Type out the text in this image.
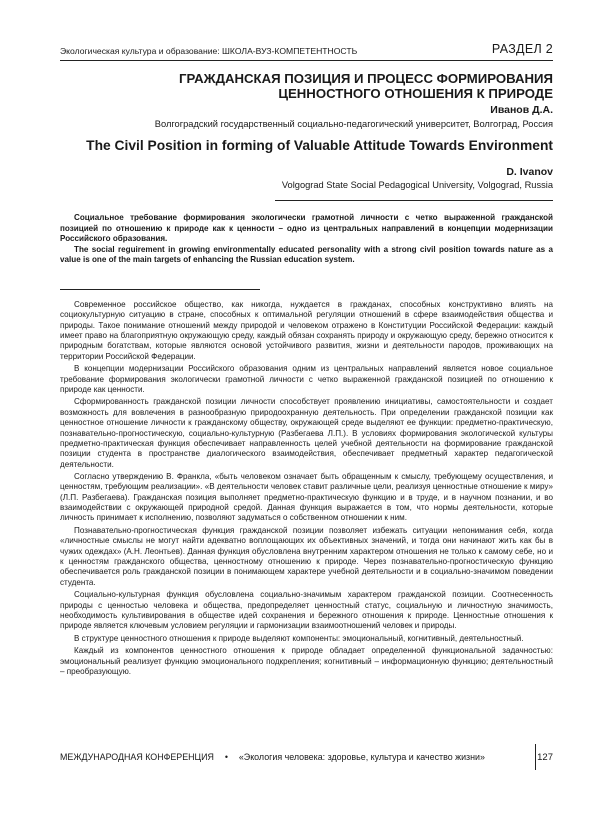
Экологическая культура и образование: ШКОЛА-ВУЗ-КОМПЕТЕНТНОСТЬ	РАЗДЕЛ 2
ГРАЖДАНСКАЯ ПОЗИЦИЯ И ПРОЦЕСС ФОРМИРОВАНИЯ
ЦЕННОСТНОГО ОТНОШЕНИЯ К ПРИРОДЕ
Иванов Д.А.
Волгоградский государственный социально-педагогический университет, Волгоград, Россия
The Civil Position in forming of Valuable Attitude Towards Environment
D. Ivanov
Volgograd State Social Pedagogical University, Volgograd, Russia

Социальное требование формирования экологически грамотной личности с четко выраженной гражданской позицией по отношению к природе как к ценности – одно из центральных направлений в концепции модернизации Российского образования.

The social reguirement in growing environmentally educated personality with a strong civil position towards nature as a value is one of the main targets of enhancing the Russian education system.

Современное российское общество, как никогда, нуждается в гражданах, способных конструктивно влиять на социокультурную ситуацию в стране, способных к оптимальной регуляции отношений в сфере взаимодействия общества и природы. Такое понимание отношений между природой и человеком отражено в Конституции Российской Федерации: каждый имеет право на благоприятную окружающую среду, каждый обязан сохранять природу и окружающую среду, бережно относится к природным богатствам, которые являются основой устойчивого развития, жизни и деятельности пародов, проживающих на территории Российской Федерации.

В концепции модернизации Российского образования одним из центральных направлений является новое социальное требование формирования экологически грамотной личности с четко выраженной гражданской позицией по отношению к природе как ценности.

Сформированность гражданской позиции личности способствует проявлению инициативы, самостоятельности и создает возможность для вовлечения в разнообразную природоохранную деятельность. При определении гражданской позиции как ценностное отношение личности к гражданскому обществу, окружающей среде выделяют ее функции: предметно-практическую, познавательно-прогностическую, социально-культурную (Разбегаева Л.П.). В условиях формирования экологической культуры предметно-практическая функция обеспечивает направленность целей учебной деятельности на формирование гражданской позиции студента в пространстве диалогического взаимодействия, обеспечивает предметный характер педагогической деятельности.

Согласно утверждению В. Франкла, «быть человеком означает быть обращенным к смыслу, требующему осуществления, и ценностям, требующим реализации». «В деятельности человек ставит различные цели, реализуя ценностные отношение к миру» (Л.П. Разбегаева). Гражданская позиция выполняет предметно-практическую функцию и в труде, и в научном познании, и во взаимодействии с окружающей природной средой. Данная функция выражается в том, что нормы деятельности, которые личность принимает к исполнению, позволяют задуматься о собственном отношении к ним.

Познавательно-прогностическая функция гражданской позиции позволяет избежать ситуации непонимания себя, когда «личностные смыслы не могут найти адекватно воплощающих их объективных значений, и тогда они начинают жить как бы в чужих одеждах» (А.Н. Леонтьев). Данная функция обусловлена внутренним характером отношения не только к самому себе, но и к ценностям гражданского общества, ценностному отношению к природе. Через познавательно-прогностическую функцию обеспечивается роль гражданской позиции в понимающем характере учебной деятельности и в социально-значимом поведении студента.

Социально-культурная функция обусловлена социально-значимым характером гражданской позиции. Соотнесенность природы с ценностью человека и общества, предопределяет ценностный статус, социальную и личностную значимость, необходимость культивирования в обществе идей сохранения и бережного отношения к природе. Ценностные отношения к природе является ключевым условием регуляции и гармонизации взаимоотношений человек и природы.

В структуре ценностного отношения к природе выделяют компоненты: эмоциональный, когнитивный, деятельностный.

Каждый из компонентов ценностного отношения к природе обладает определенной функциональной задачностью: эмоциональный реализует функцию эмоционального подкрепления; когнитивный – информационную функцию; деятельностный – преобразующую.

МЕЖДУНАРОДНАЯ КОНФЕРЕНЦИЯ • «Экология человека: здоровье, культура и качество жизни»	127
